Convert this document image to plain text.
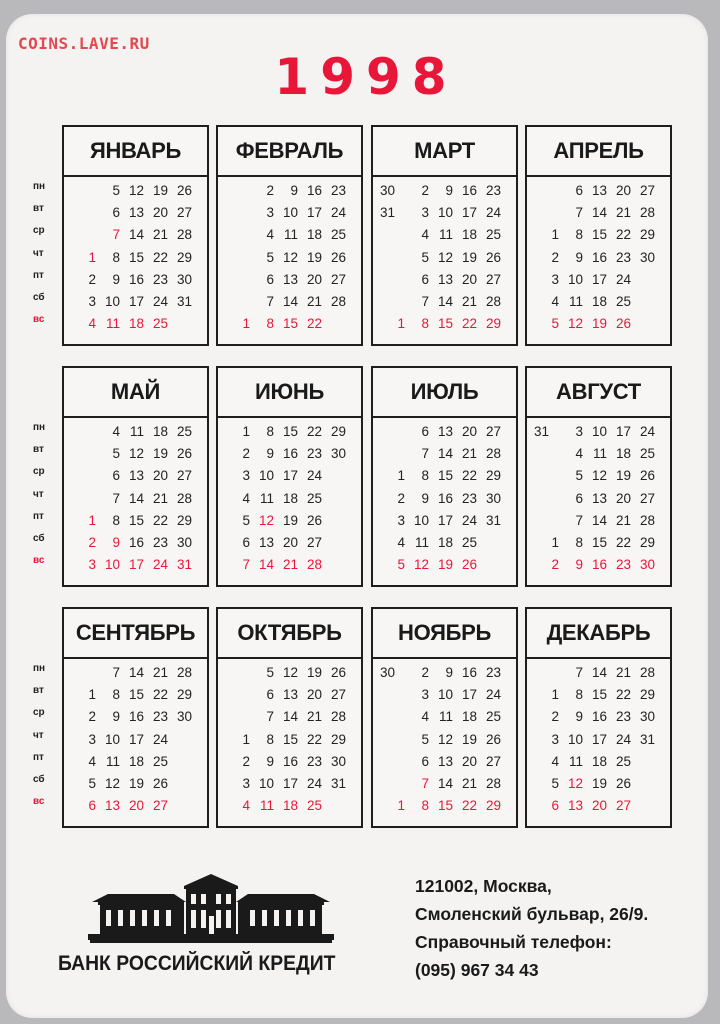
COINS.LAVE.RU
1998
пн
вт
ср
чт
пт
сб
вс
пн
вт
ср
чт
пт
сб
вс
пн
вт
ср
чт
пт
сб
вс
ЯНВАРЬ
1
2
3
4
5
6
7
8
9
10
11
12
13
14
15
16
17
18
19
20
21
22
23
24
25
26
27
28
29
30
31
ФЕВРАЛЬ
1
2
3
4
5
6
7
8
9
10
11
12
13
14
15
16
17
18
19
20
21
22
23
24
25
26
27
28
МАРТ
1
2
3
4
5
6
7
8
9
10
11
12
13
14
15
16
17
18
19
20
21
22
23
24
25
26
27
28
29
30
31
АПРЕЛЬ
1
2
3
4
5
6
7
8
9
10
11
12
13
14
15
16
17
18
19
20
21
22
23
24
25
26
27
28
29
30
МАЙ
1
2
3
4
5
6
7
8
9
10
11
12
13
14
15
16
17
18
19
20
21
22
23
24
25
26
27
28
29
30
31
ИЮНЬ
1
2
3
4
5
6
7
8
9
10
11
12
13
14
15
16
17
18
19
20
21
22
23
24
25
26
27
28
29
30
ИЮЛЬ
1
2
3
4
5
6
7
8
9
10
11
12
13
14
15
16
17
18
19
20
21
22
23
24
25
26
27
28
29
30
31
АВГУСТ
1
2
3
4
5
6
7
8
9
10
11
12
13
14
15
16
17
18
19
20
21
22
23
24
25
26
27
28
29
30
31
СЕНТЯБРЬ
1
2
3
4
5
6
7
8
9
10
11
12
13
14
15
16
17
18
19
20
21
22
23
24
25
26
27
28
29
30
ОКТЯБРЬ
1
2
3
4
5
6
7
8
9
10
11
12
13
14
15
16
17
18
19
20
21
22
23
24
25
26
27
28
29
30
31
НОЯБРЬ
1
2
3
4
5
6
7
8
9
10
11
12
13
14
15
16
17
18
19
20
21
22
23
24
25
26
27
28
29
30
ДЕКАБРЬ
1
2
3
4
5
6
7
8
9
10
11
12
13
14
15
16
17
18
19
20
21
22
23
24
25
26
27
28
29
30
31
БАНК РОССИЙСКИЙ КРЕДИТ
121002, Москва,
Смоленский бульвар, 26/9.
Справочный телефон:
(095) 967 34 43
